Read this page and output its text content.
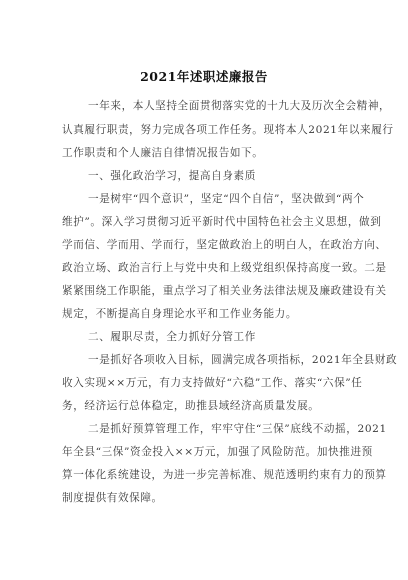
2021年述职述廉报告
一年来，本人坚持全面贯彻落实党的十九大及历次全会精神，
认真履行职责，努力完成各项工作任务。现将本人2021年以来履行
工作职责和个人廉洁自律情况报告如下。
一、强化政治学习，提高自身素质
一是树牢“四个意识”，坚定“四个自信”，坚决做到“两个
维护”。深入学习贯彻习近平新时代中国特色社会主义思想，做到
学而信、学而用、学而行，坚定做政治上的明白人，在政治方向、
政治立场、政治言行上与党中央和上级党组织保持高度一致。二是
紧紧围绕工作职能，重点学习了相关业务法律法规及廉政建设有关
规定，不断提高自身理论水平和工作业务能力。
二、履职尽责，全力抓好分管工作
一是抓好各项收入目标，圆满完成各项指标，2021年全县财政
收入实现××万元，有力支持做好“六稳”工作、落实“六保”任
务，经济运行总体稳定，助推县域经济高质量发展。
二是抓好预算管理工作，牢牢守住“三保”底线不动摇，2021
年全县“三保”资金投入××万元，加强了风险防范。加快推进预
算一体化系统建设，为进一步完善标准、规范透明约束有力的预算
制度提供有效保障。
